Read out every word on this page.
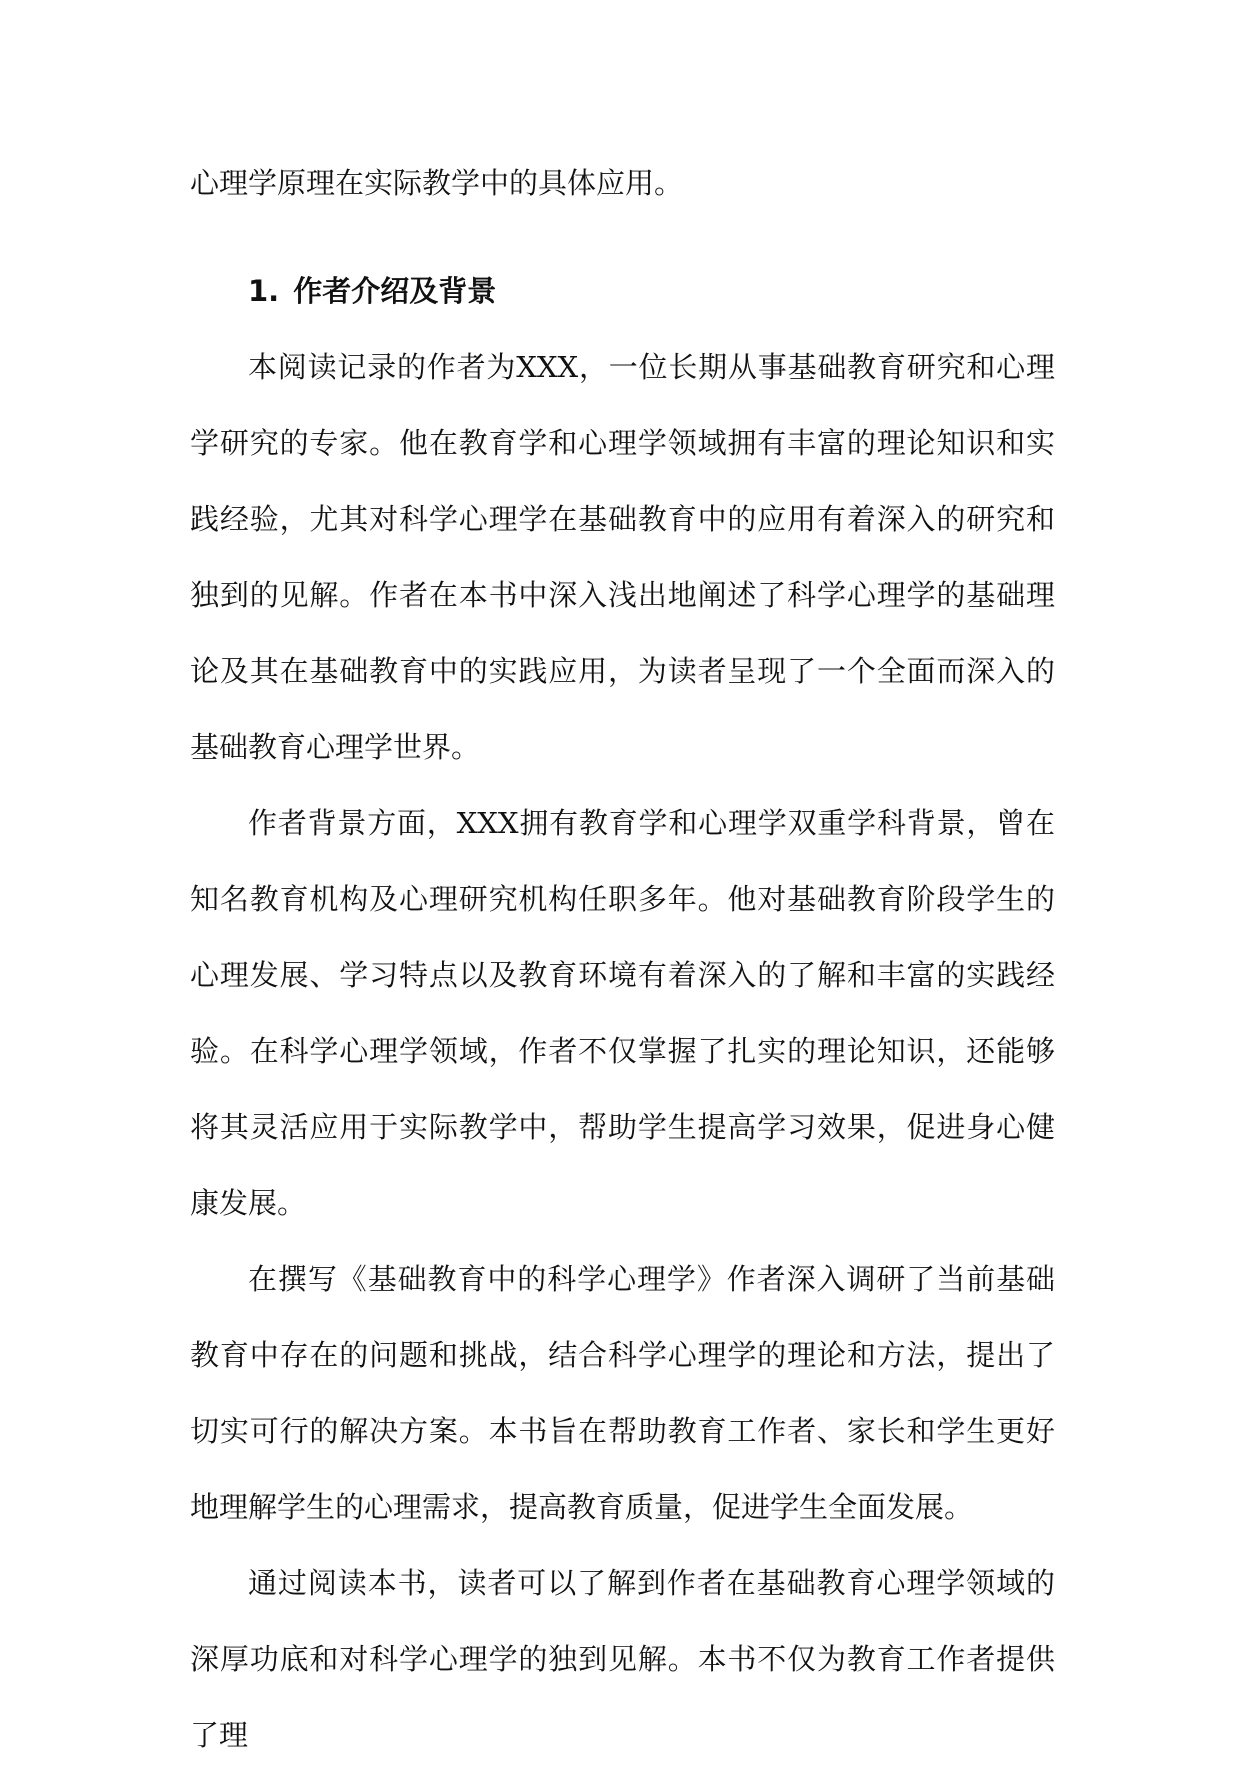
心理学原理在实际教学中的具体应用。

1. 作者介绍及背景

本阅读记录的作者为XXX，一位长期从事基础教育研究和心理学研究的专家。他在教育学和心理学领域拥有丰富的理论知识和实践经验，尤其对科学心理学在基础教育中的应用有着深入的研究和独到的见解。作者在本书中深入浅出地阐述了科学心理学的基础理论及其在基础教育中的实践应用，为读者呈现了一个全面而深入的基础教育心理学世界。

作者背景方面，XXX拥有教育学和心理学双重学科背景，曾在知名教育机构及心理研究机构任职多年。他对基础教育阶段学生的心理发展、学习特点以及教育环境有着深入的了解和丰富的实践经验。在科学心理学领域，作者不仅掌握了扎实的理论知识，还能够将其灵活应用于实际教学中，帮助学生提高学习效果，促进身心健康发展。

在撰写《基础教育中的科学心理学》作者深入调研了当前基础教育中存在的问题和挑战，结合科学心理学的理论和方法，提出了切实可行的解决方案。本书旨在帮助教育工作者、家长和学生更好地理解学生的心理需求，提高教育质量，促进学生全面发展。

通过阅读本书，读者可以了解到作者在基础教育心理学领域的深厚功底和对科学心理学的独到见解。本书不仅为教育工作者提供了理
